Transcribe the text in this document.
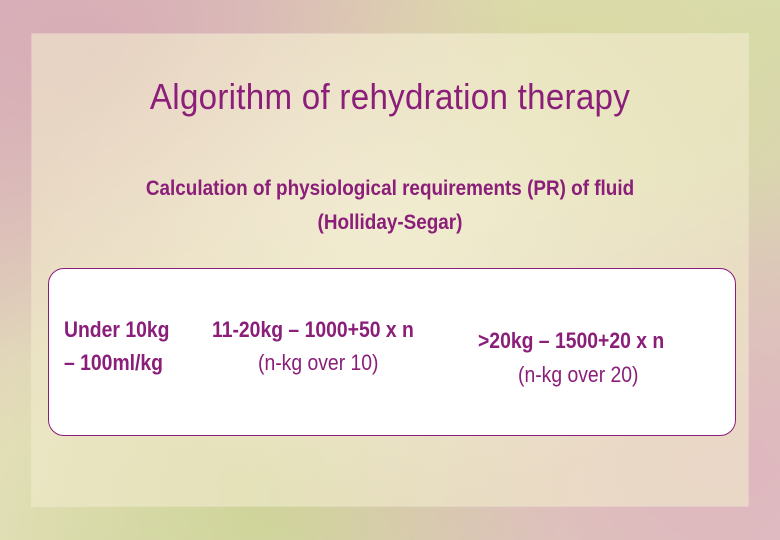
Algorithm of rehydration therapy
Calculation of physiological requirements (PR) of fluid
(Holliday-Segar)
Under 10kg
– 100ml/kg
11-20kg – 1000+50 x n
(n-kg over 10)
>20kg – 1500+20 x n
(n-kg over 20)
